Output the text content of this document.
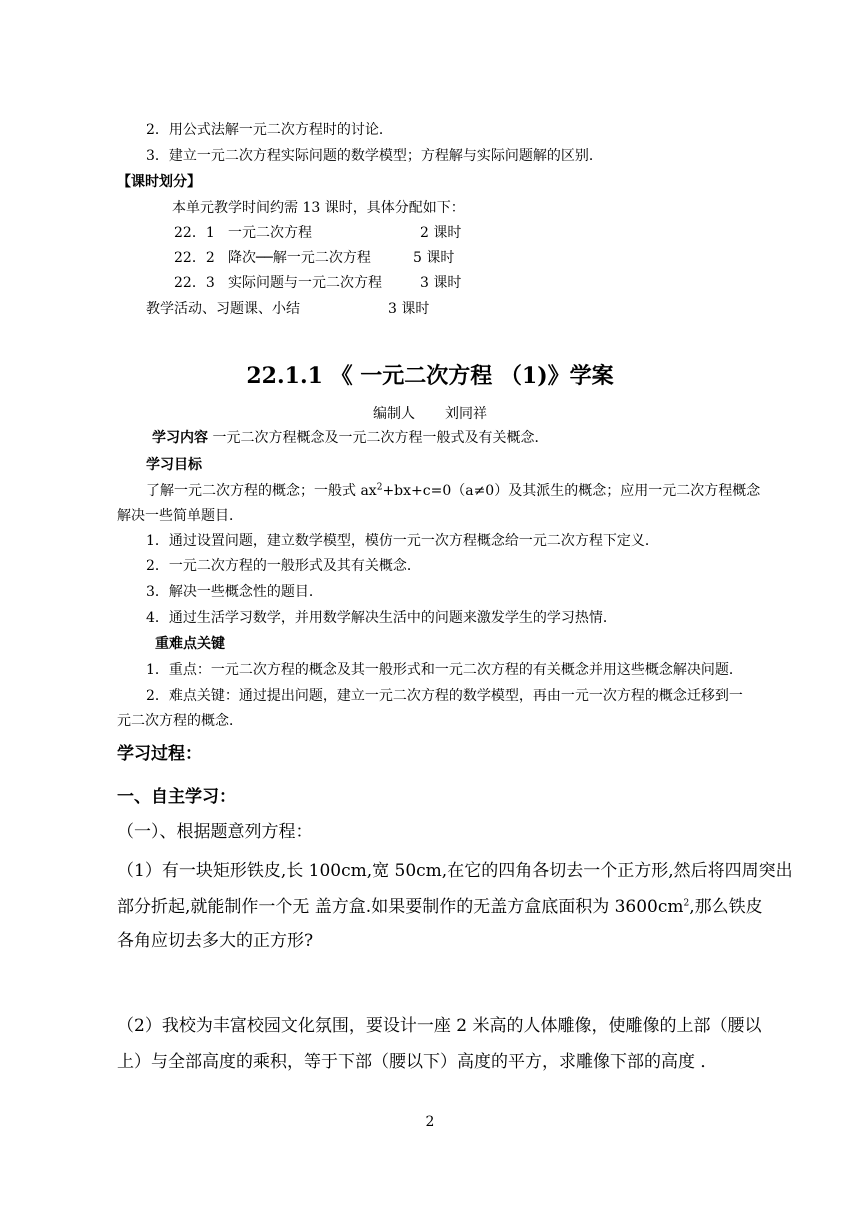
2．用公式法解一元二次方程时的讨论．
3．建立一元二次方程实际问题的数学模型；方程解与实际问题解的区别．
【课时划分】
本单元教学时间约需 13 课时，具体分配如下：
22．1 一元二次方程	2 课时
22．2 降次──解一元二次方程	5 课时
22．3 实际问题与一元二次方程	3 课时
教学活动、习题课、小结	3 课时
22.1.1 《 一元二次方程 （1)》学案
编制人 刘同祥
学习内容 一元二次方程概念及一元二次方程一般式及有关概念．
学习目标
了解一元二次方程的概念；一般式 $ax^2+bx+c=0(a\ne 0)$及其派生的概念；应用一元二次方程概念
解决一些简单题目．
1．通过设置问题，建立数学模型，模仿一元一次方程概念给一元二次方程下定义．
2．一元二次方程的一般形式及其有关概念．
3．解决一些概念性的题目．
4．通过生活学习数学，并用数学解决生活中的问题来激发学生的学习热情．
重难点关键
1．重点：一元二次方程的概念及其一般形式和一元二次方程的有关概念并用这些概念解决问题．
2．难点关键：通过提出问题，建立一元二次方程的数学模型，再由一元一次方程的概念迁移到一
元二次方程的概念．
学习过程：
一、自主学习：
（一）、根据题意列方程：
（1）有一块矩形铁皮,长 100cm,宽 50cm,在它的四角各切去一个正方形,然后将四周突出
部分折起,就能制作一个无 盖方盒.如果要制作的无盖方盒底面积为 $3600cm^2$,那么铁皮
各角应切去多大的正方形?
（2）我校为丰富校园文化氛围，要设计一座 2 米高的人体雕像，使雕像的上部（腰以
上）与全部高度的乘积，等于下部（腰以下）高度的平方，求雕像下部的高度 ．
2
